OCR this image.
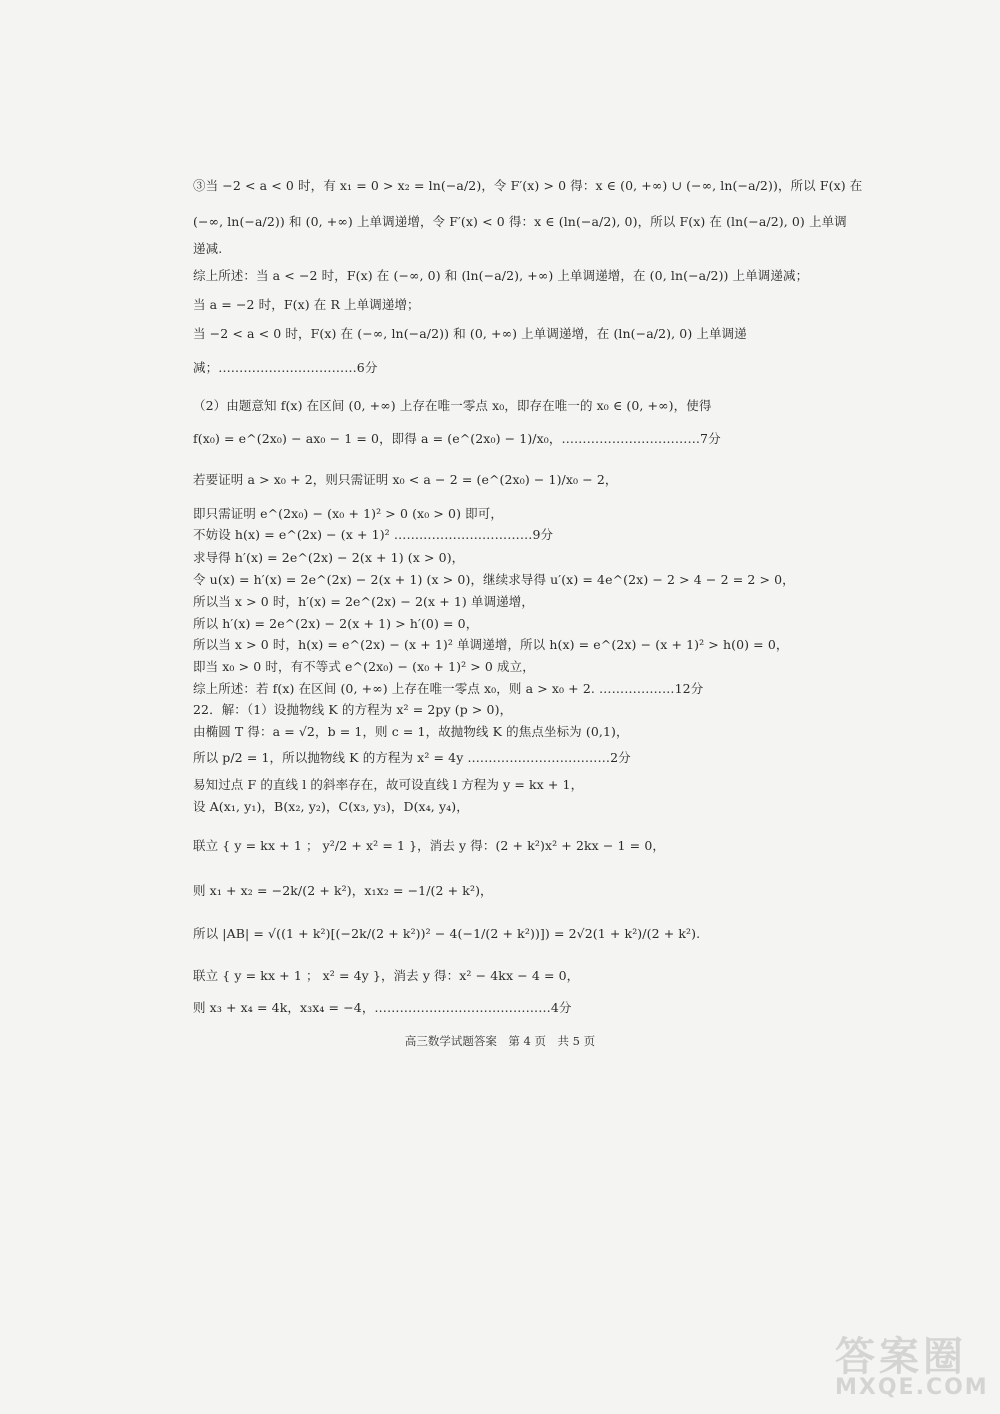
③当 −2 < a < 0 时，有 x₁ = 0 > x₂ = ln(−a/2)，令 F′(x) > 0 得：x ∈ (0, +∞) ∪ (−∞, ln(−a/2))，所以 F(x) 在
(−∞, ln(−a/2)) 和 (0, +∞) 上单调递增，令 F′(x) < 0 得：x ∈ (ln(−a/2), 0)，所以 F(x) 在 (ln(−a/2), 0) 上单调
递减.
综上所述：当 a < −2 时，F(x) 在 (−∞, 0) 和 (ln(−a/2), +∞) 上单调递增，在 (0, ln(−a/2)) 上单调递减；
当 a = −2 时，F(x) 在 R 上单调递增；
当 −2 < a < 0 时，F(x) 在 (−∞, ln(−a/2)) 和 (0, +∞) 上单调递增，在 (ln(−a/2), 0) 上单调递
减；……………………………6分
（2）由题意知 f(x) 在区间 (0, +∞) 上存在唯一零点 x₀，即存在唯一的 x₀ ∈ (0, +∞)，使得
f(x₀) = e^(2x₀) − ax₀ − 1 = 0，即得 a = (e^(2x₀) − 1)/x₀，……………………………7分
若要证明 a > x₀ + 2，则只需证明 x₀ < a − 2 = (e^(2x₀) − 1)/x₀ − 2，
即只需证明 e^(2x₀) − (x₀ + 1)² > 0 (x₀ > 0) 即可，
不妨设 h(x) = e^(2x) − (x + 1)² ……………………………9分
求导得 h′(x) = 2e^(2x) − 2(x + 1) (x > 0)，
令 u(x) = h′(x) = 2e^(2x) − 2(x + 1) (x > 0)，继续求导得 u′(x) = 4e^(2x) − 2 > 4 − 2 = 2 > 0，
所以当 x > 0 时，h′(x) = 2e^(2x) − 2(x + 1) 单调递增，
所以 h′(x) = 2e^(2x) − 2(x + 1) > h′(0) = 0，
所以当 x > 0 时，h(x) = e^(2x) − (x + 1)² 单调递增，所以 h(x) = e^(2x) − (x + 1)² > h(0) = 0，
即当 x₀ > 0 时，有不等式 e^(2x₀) − (x₀ + 1)² > 0 成立，
综上所述：若 f(x) 在区间 (0, +∞) 上存在唯一零点 x₀，则 a > x₀ + 2. ………………12分
22．解：（1）设抛物线 K 的方程为 x² = 2py (p > 0)，
由椭圆 T 得：a = √2，b = 1，则 c = 1，故抛物线 K 的焦点坐标为 (0,1)，
所以 p/2 = 1，所以抛物线 K 的方程为 x² = 4y .……………………………2分
易知过点 F 的直线 l 的斜率存在，故可设直线 l 方程为 y = kx + 1，
设 A(x₁, y₁)，B(x₂, y₂)，C(x₃, y₃)，D(x₄, y₄)，
联立 { y = kx + 1 ； y²/2 + x² = 1 }，消去 y 得：(2 + k²)x² + 2kx − 1 = 0，
则 x₁ + x₂ = −2k/(2 + k²)，x₁x₂ = −1/(2 + k²)，
所以 |AB| = √((1 + k²)[(−2k/(2 + k²))² − 4(−1/(2 + k²))]) = 2√2(1 + k²)/(2 + k²).
联立 { y = kx + 1 ； x² = 4y }，消去 y 得：x² − 4kx − 4 = 0，
则 x₃ + x₄ = 4k，x₃x₄ = −4，……………………………………4分
高三数学试题答案　第 4 页　共 5 页
答案圈
MXQE.COM
